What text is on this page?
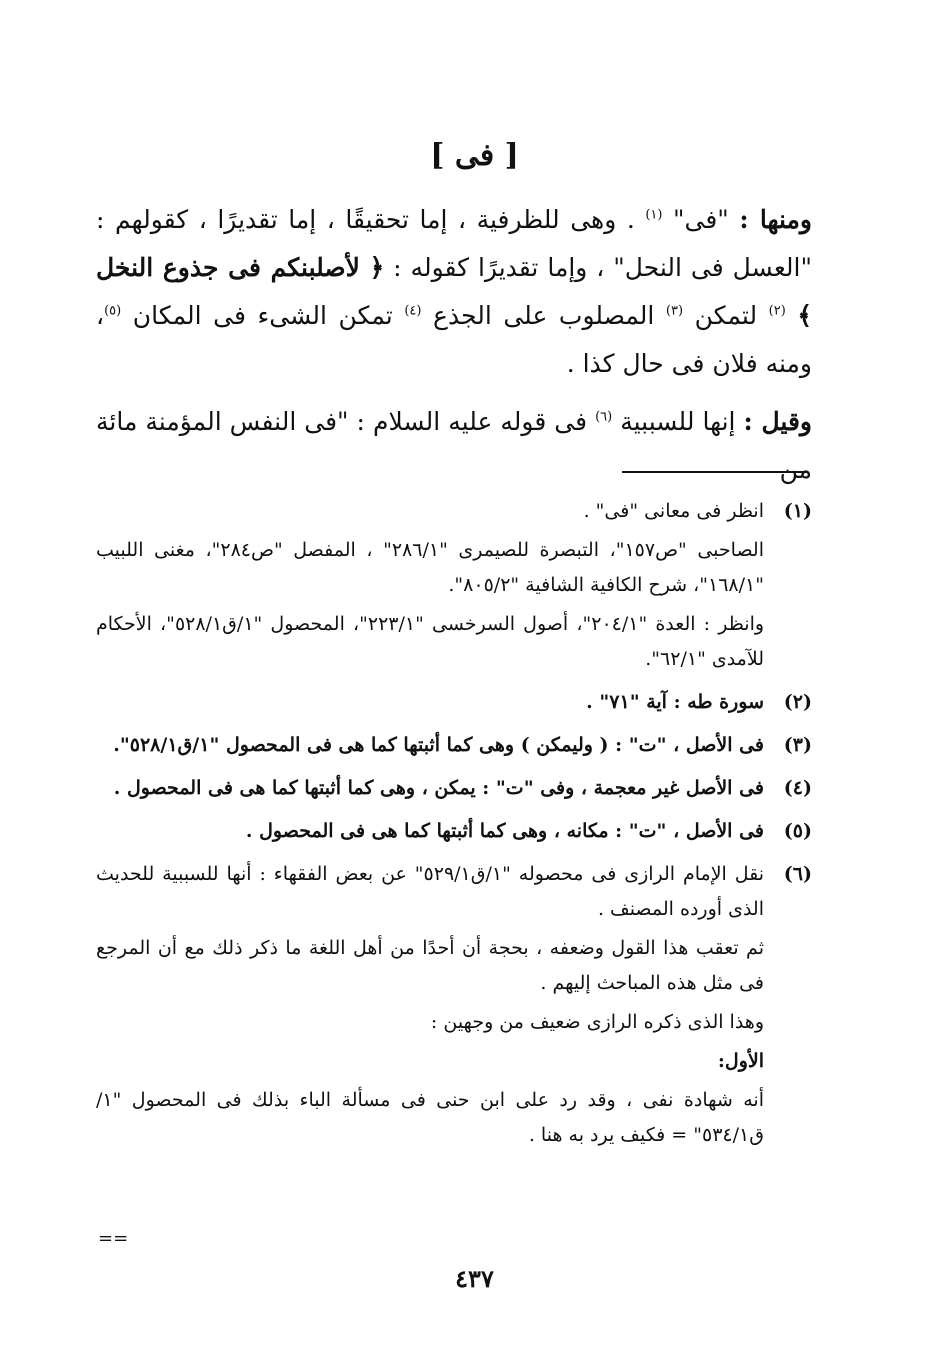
[ فى ]

ومنها : "فى" $^{(١)}$ . وهى للظرفية ، إما تحقيقًا ، إما تقديرًا ، كقولهم : "العسل فى النحل" ، وإما تقديرًا كقوله : ﴿ لأصلبنكم فى جذوع النخل ﴾ $^{(٢)}$ لتمكن $^{(٣)}$ المصلوب على الجذع $^{(٤)}$ تمكن الشىء فى المكان $^{(٥)}$، ومنه فلان فى حال كذا .

وقيل : إنها للسببية $^{(٦)}$ فى قوله عليه السلام : "فى النفس المؤمنة مائة من

(١)
انظر فى معانى "فى" .
الصاحبى "ص١٥٧"، التبصرة للصيمرى "٢٨٦/١" ، المفصل "ص٢٨٤"، مغنى اللبيب "١٦٨/١"، شرح الكافية الشافية "٨٠٥/٢".
وانظر : العدة "٢٠٤/١"، أصول السرخسى "٢٢٣/١"، المحصول "١/ق٥٢٨/١"، الأحكام للآمدى "٦٢/١".
(٢)
سورة طه : آية "٧١" .
(٣)
فى الأصل ، "ت" : ( وليمكن ) وهى كما أثبتها كما هى فى المحصول "١/ق٥٢٨/١".
(٤)
فى الأصل غير معجمة ، وفى "ت" : يمكن ، وهى كما أثبتها كما هى فى المحصول .
(٥)
فى الأصل ، "ت" : مكانه ، وهى كما أثبتها كما هى فى المحصول .
(٦)
نقل الإمام الرازى فى محصوله "١/ق٥٢٩/١" عن بعض الفقهاء : أنها للسببية للحديث الذى أورده المصنف .
ثم تعقب هذا القول وضعفه ، بحجة أن أحدًا من أهل اللغة ما ذكر ذلك مع أن المرجع فى مثل هذه المباحث إليهم .
وهذا الذى ذكره الرازى ضعيف من وجهين :
الأول:
أنه شهادة نفى ، وقد رد على ابن حنى فى مسألة الباء بذلك فى المحصول "١/ق٥٣٤/١" = فكيف يرد به هنا .
==
٤٣٧
